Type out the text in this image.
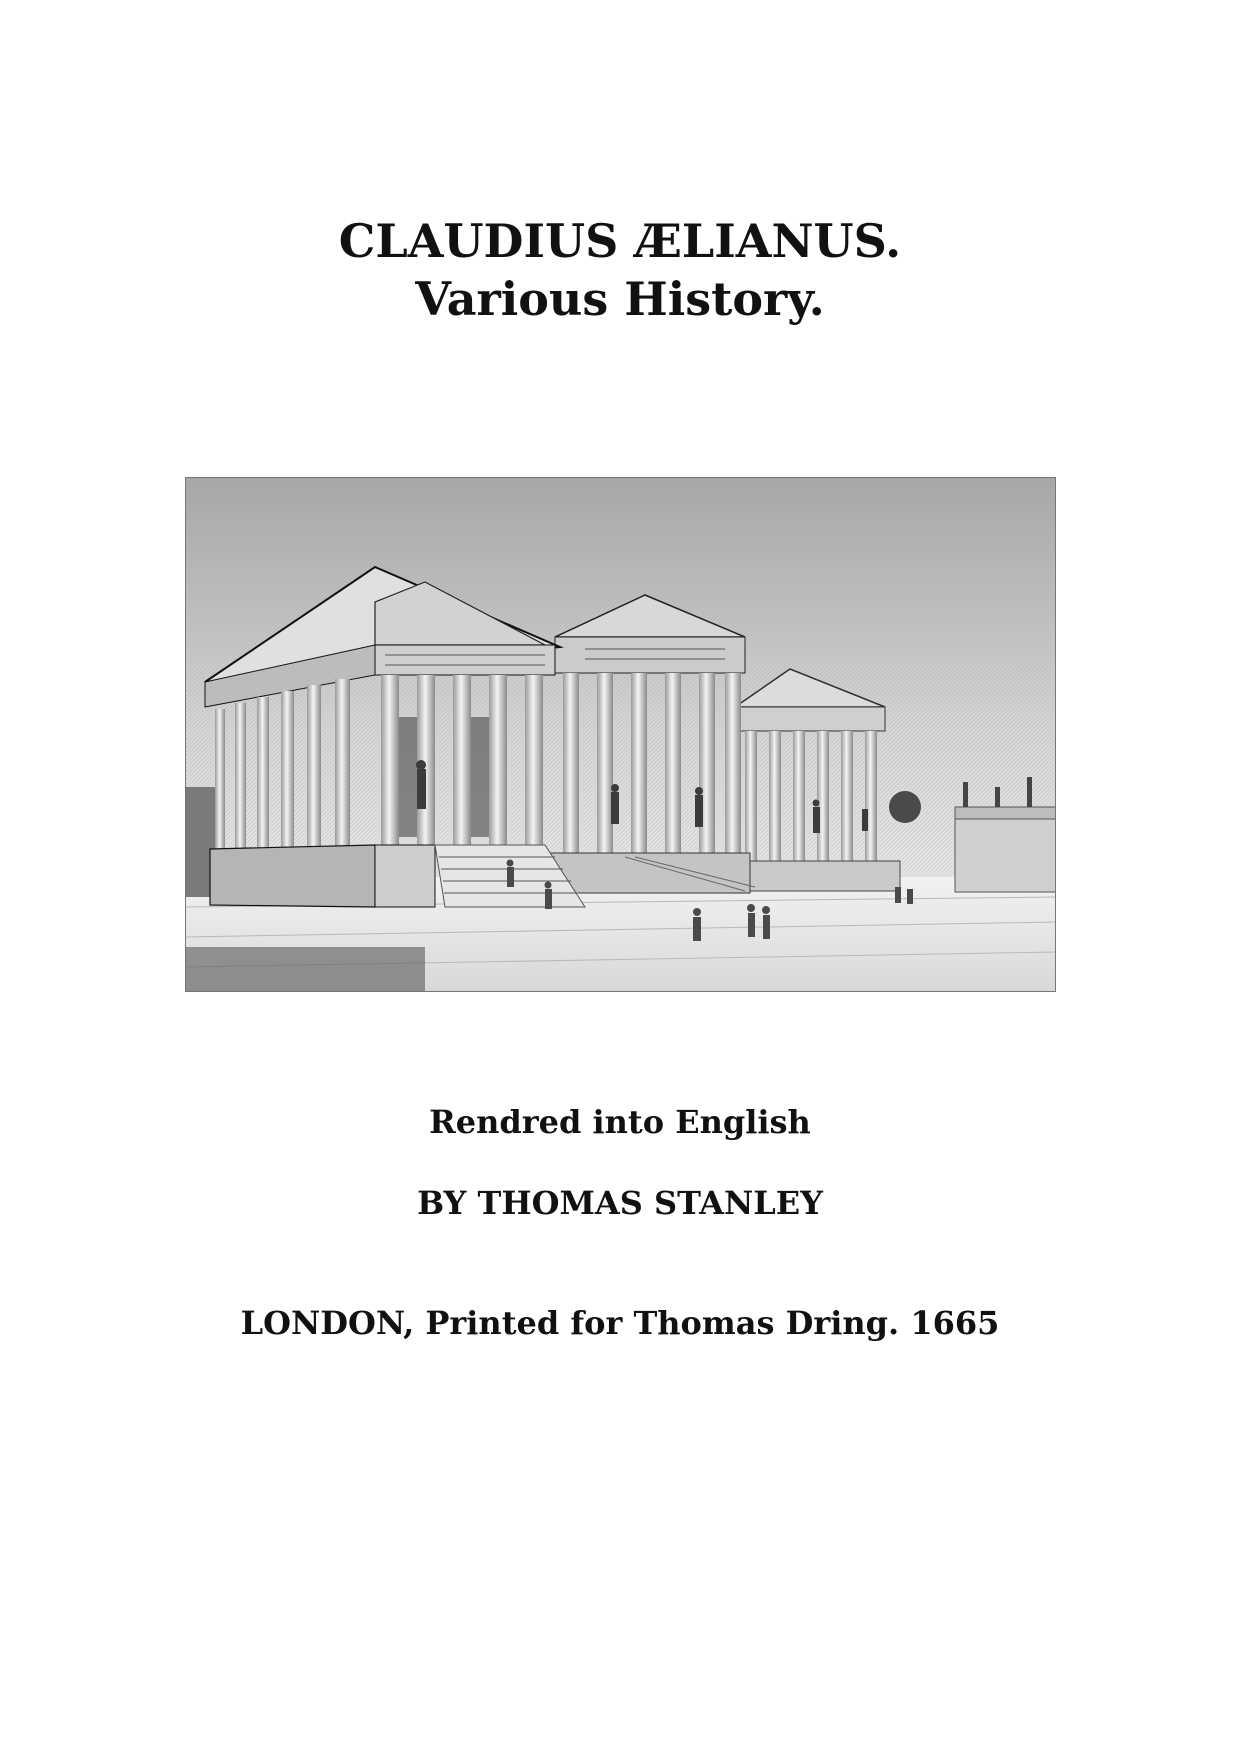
CLAUDIUS ÆLIANUS.
Various History.
Rendred into English
BY THOMAS STANLEY
LONDON, Printed for Thomas Dring. 1665
